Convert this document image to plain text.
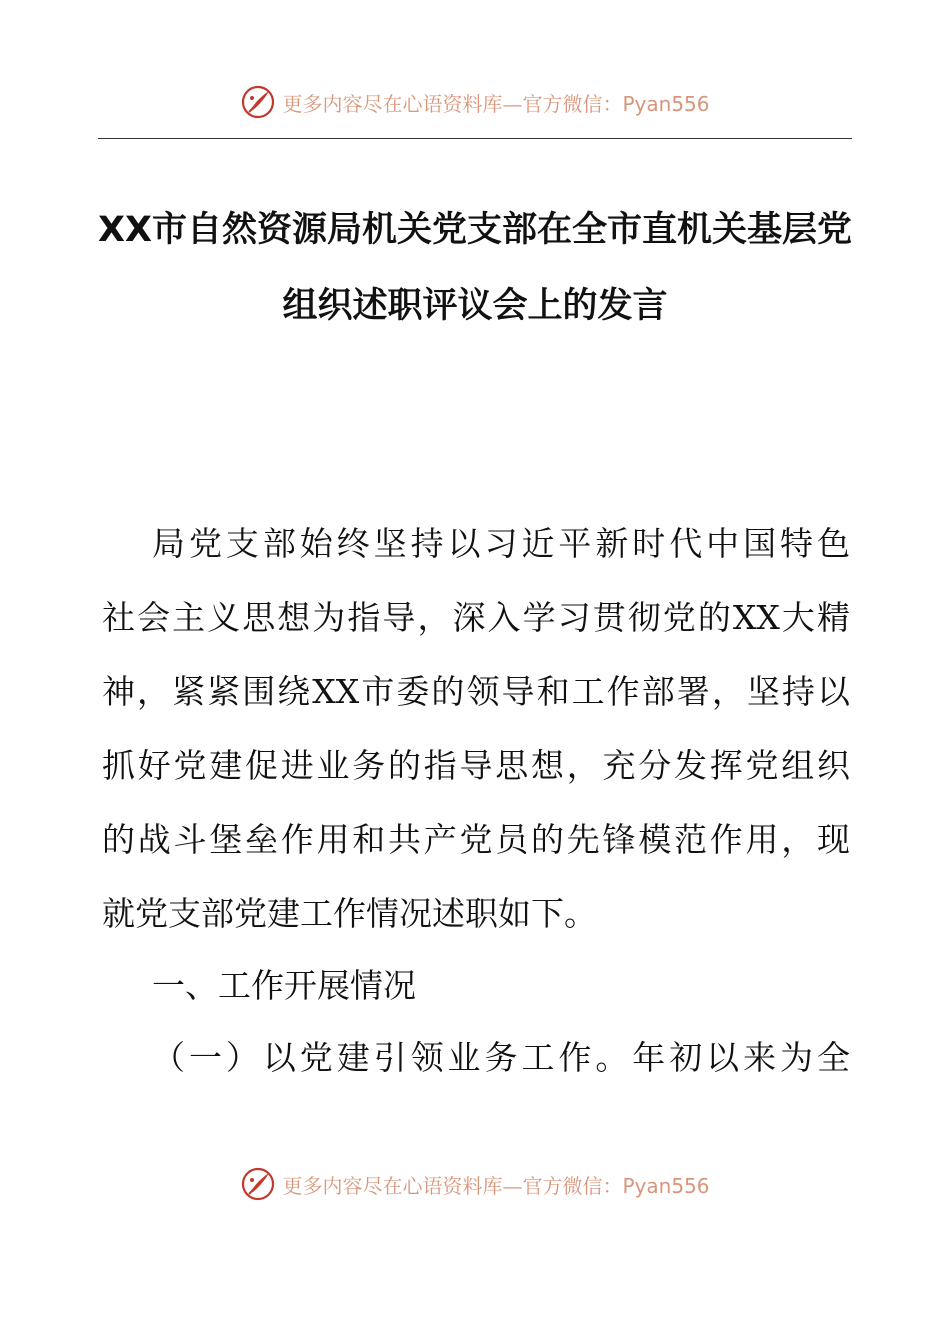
更多内容尽在心语资料库—官方微信：Pyan556
XX市自然资源局机关党支部在全市直机关基层党
组织述职评议会上的发言
局党支部始终坚持以习近平新时代中国特色
社会主义思想为指导，深入学习贯彻党的XX大精
神，紧紧围绕XX市委的领导和工作部署，坚持以
抓好党建促进业务的指导思想，充分发挥党组织
的战斗堡垒作用和共产党员的先锋模范作用，现
就党支部党建工作情况述职如下。
一、工作开展情况
（一）以党建引领业务工作。年初以来为全
更多内容尽在心语资料库—官方微信：Pyan556
